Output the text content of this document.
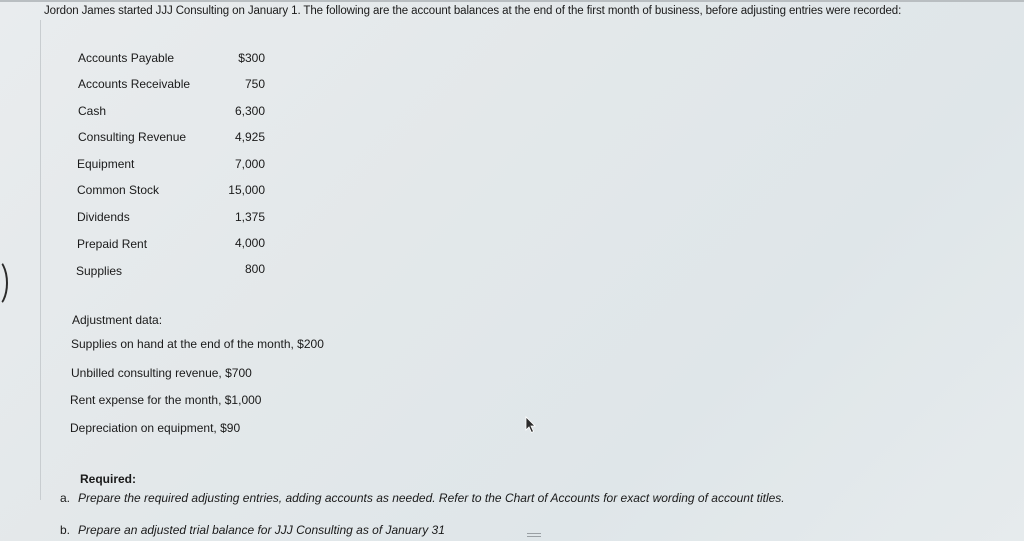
Jordon James started JJJ Consulting on January 1. The following are the account balances at the end of the first month of business, before adjusting entries were recorded:
Accounts Payable	$300
Accounts Receivable	750
Cash	6,300
Consulting Revenue	4,925
Equipment	7,000
Common Stock	15,000
Dividends	1,375
Prepaid Rent	4,000
Supplies	800
Adjustment data:
Supplies on hand at the end of the month, $200
Unbilled consulting revenue, $700
Rent expense for the month, $1,000
Depreciation on equipment, $90
Required:
a. Prepare the required adjusting entries, adding accounts as needed. Refer to the Chart of Accounts for exact wording of account titles.
b. Prepare an adjusted trial balance for JJJ Consulting as of January 31
